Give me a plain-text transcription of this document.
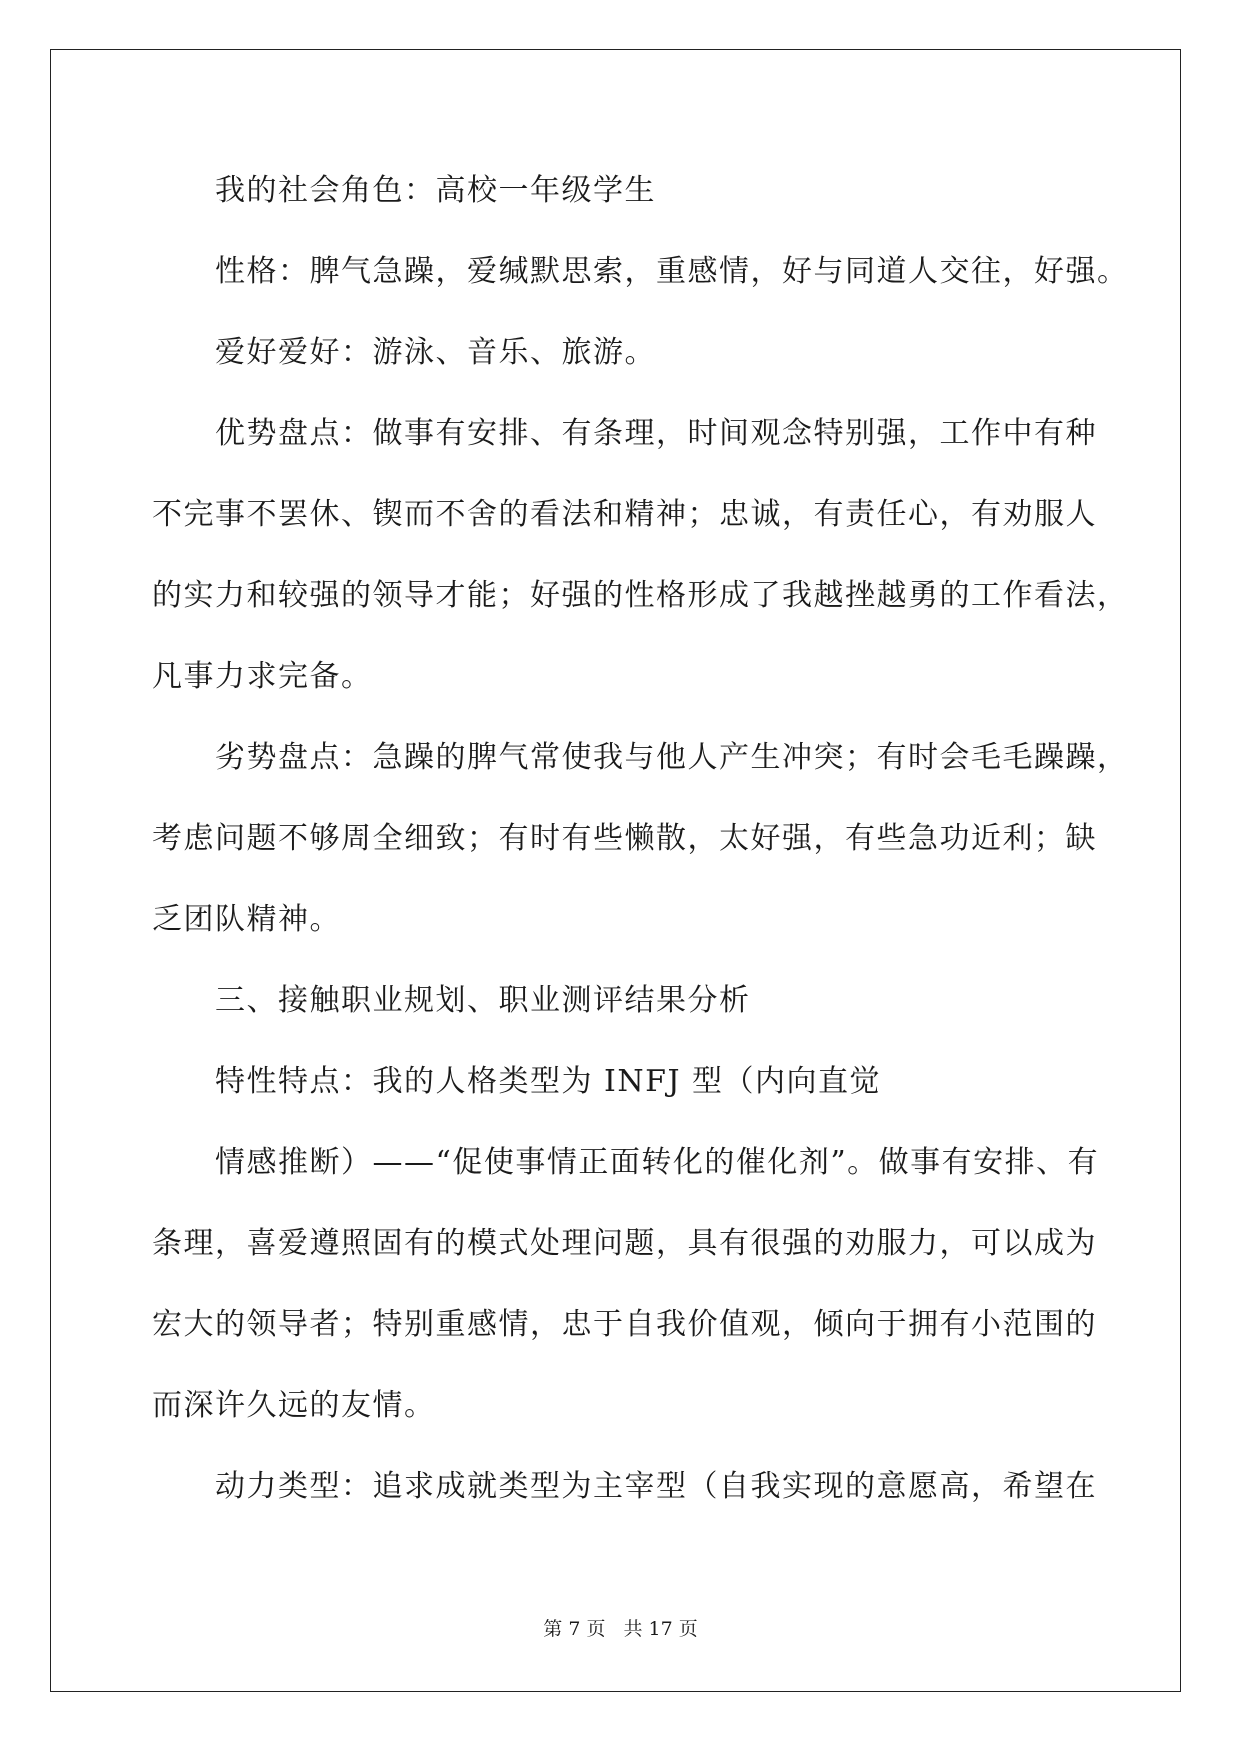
我的社会角色：高校一年级学生
性格：脾气急躁，爱缄默思索，重感情，好与同道人交往，好强。
爱好爱好：游泳、音乐、旅游。
优势盘点：做事有安排、有条理，时间观念特别强，工作中有种
不完事不罢休、锲而不舍的看法和精神；忠诚，有责任心，有劝服人
的实力和较强的领导才能；好强的性格形成了我越挫越勇的工作看法，
凡事力求完备。
劣势盘点：急躁的脾气常使我与他人产生冲突；有时会毛毛躁躁，
考虑问题不够周全细致；有时有些懒散，太好强，有些急功近利；缺
乏团队精神。
三、接触职业规划、职业测评结果分析
特性特点：我的人格类型为 INFJ 型（内向直觉
情感推断）——“促使事情正面转化的催化剂”。做事有安排、有
条理，喜爱遵照固有的模式处理问题，具有很强的劝服力，可以成为
宏大的领导者；特别重感情，忠于自我价值观，倾向于拥有小范围的
而深许久远的友情。
动力类型：追求成就类型为主宰型（自我实现的意愿高，希望在
第 7 页 共 17 页
